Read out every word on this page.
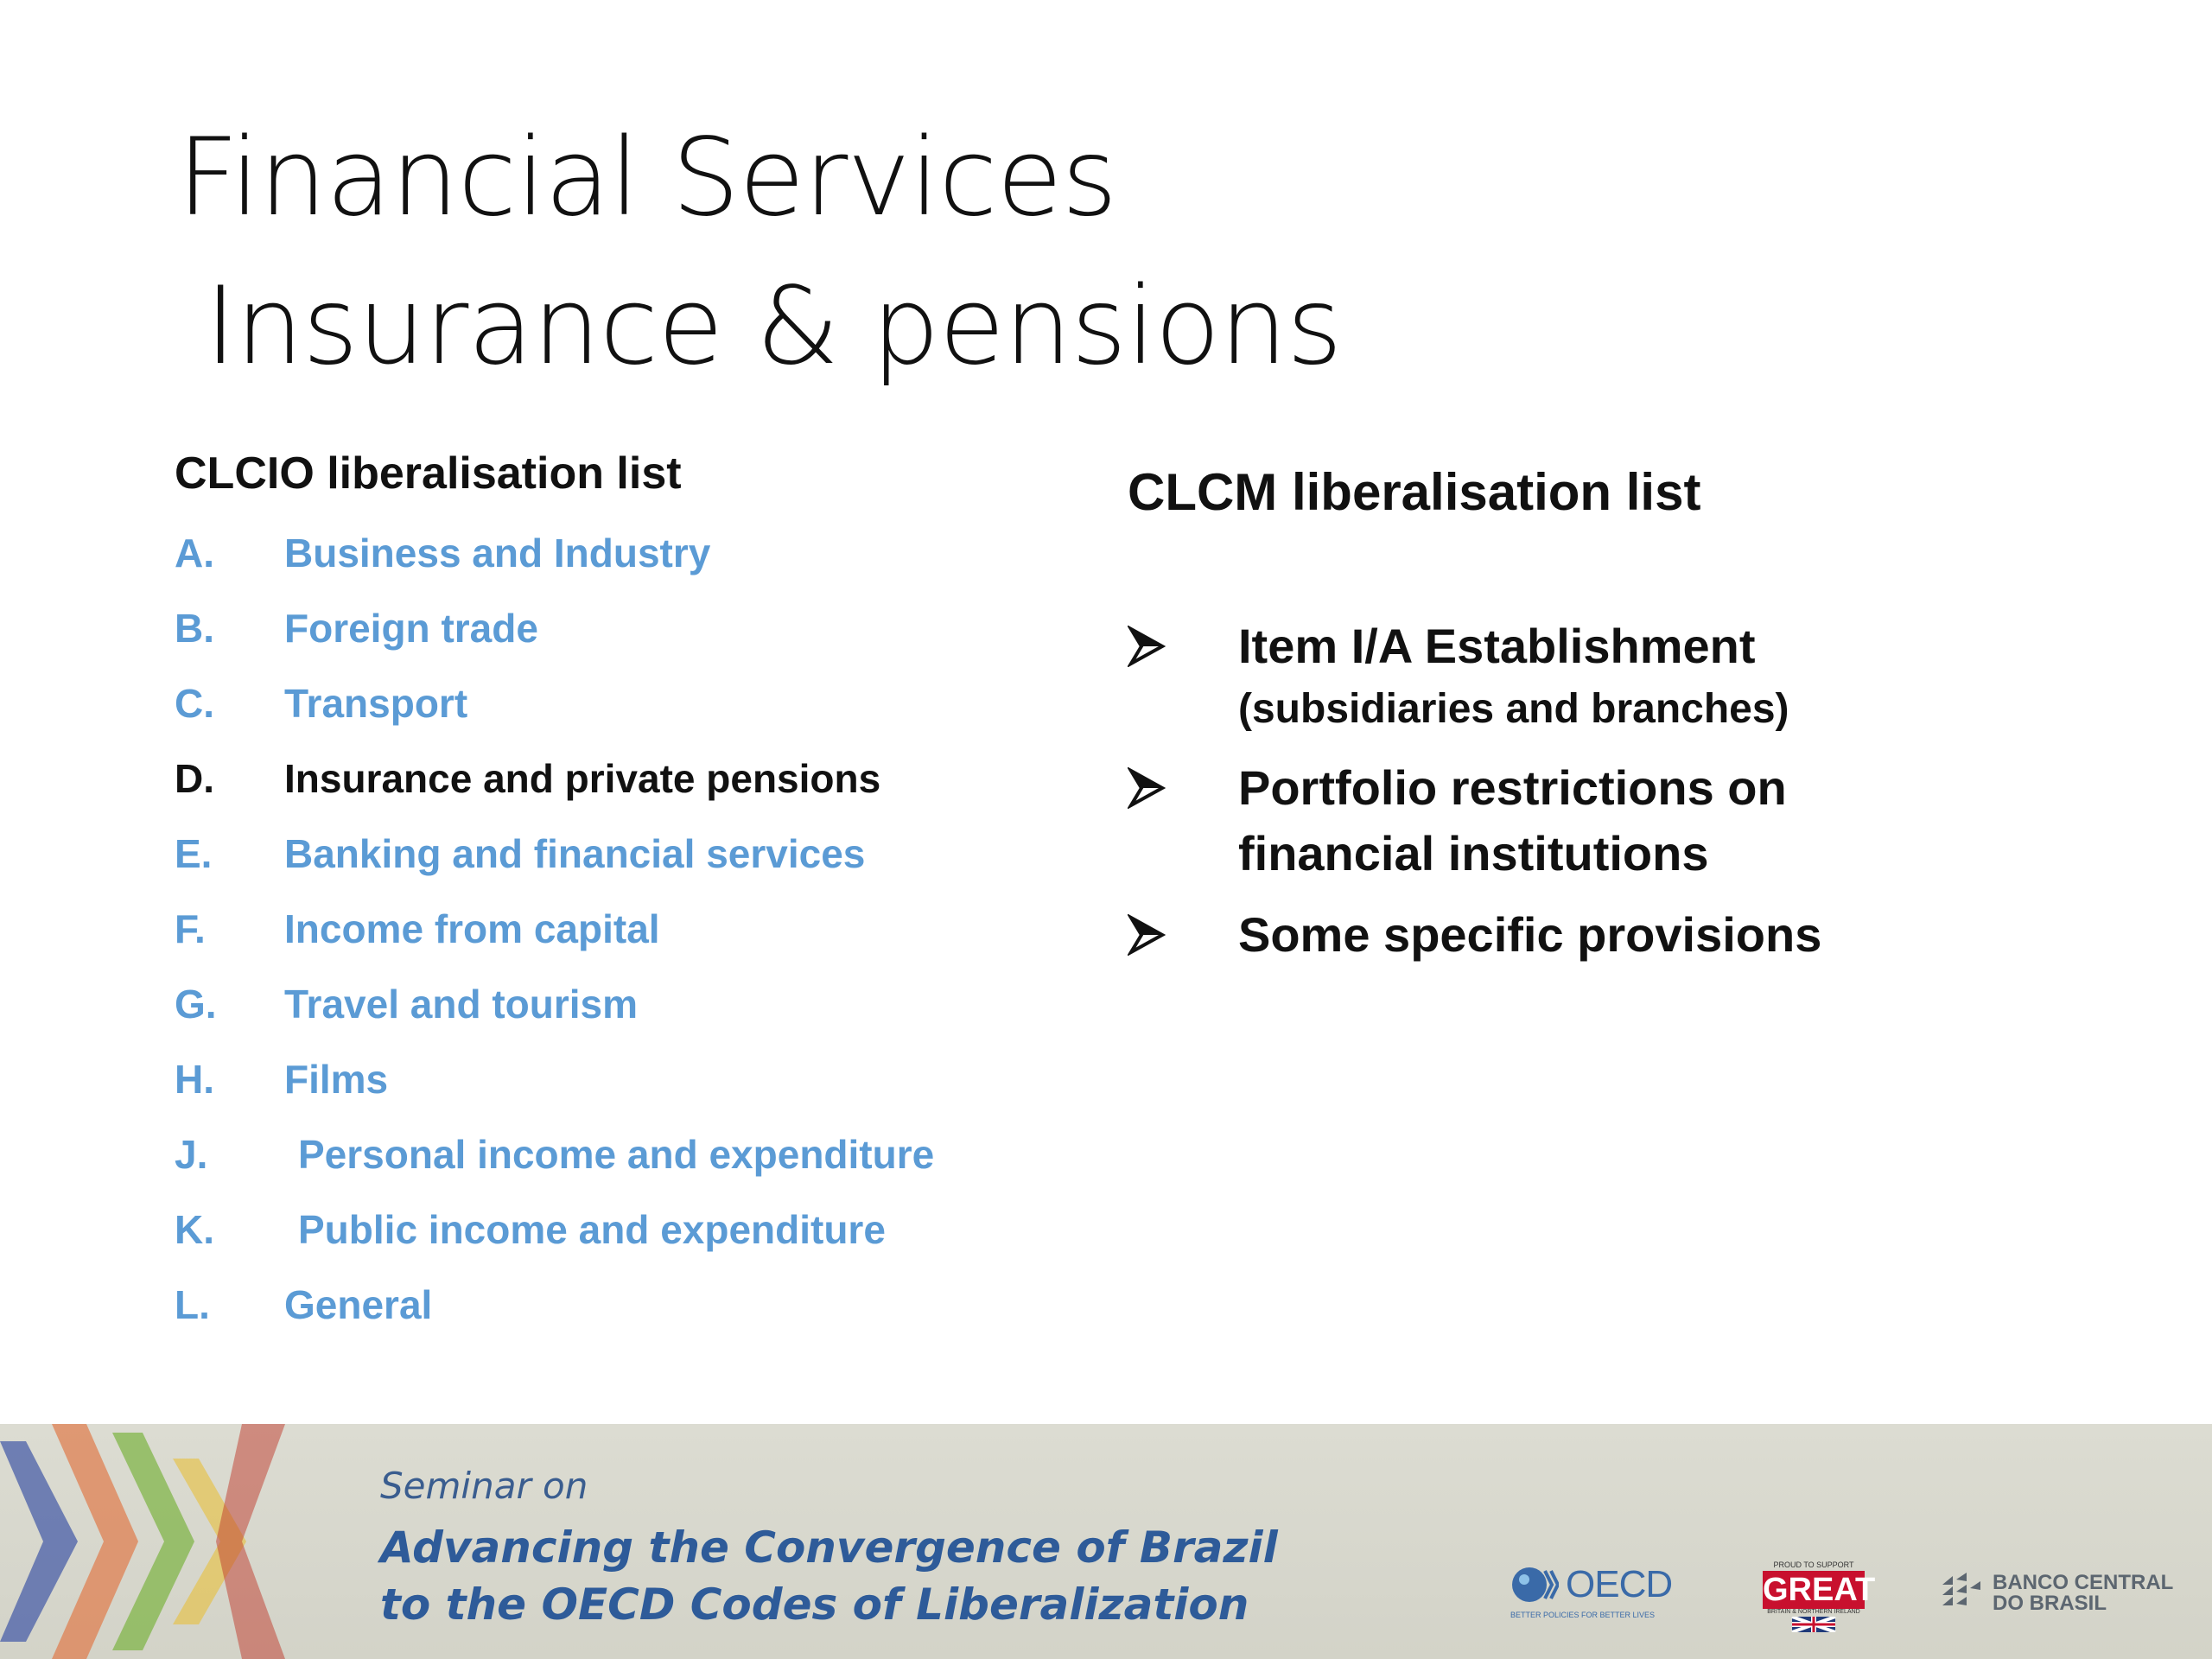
Financial Services
Insurance & pensions
CLCIO liberalisation list
A.	Business and Industry
B.	Foreign trade
C.	Transport
D.	Insurance and private pensions
E.	Banking and financial services
F.	Income from capital
G.	Travel and tourism
H.	Films
J.	Personal income and expenditure
K.	Public income and expenditure
L.	General
CLCM liberalisation list
Item I/A Establishment
(subsidiaries and branches)
Portfolio restrictions on financial institutions
Some specific provisions
Seminar on
Advancing the Convergence of Brazil
to the OECD Codes of Liberalization	OECD
BETTER POLICIES FOR BETTER LIVES
PROUD TO SUPPORT
GREAT
BRITAIN & NORTHERN IRELAND
BANCO CENTRAL
DO BRASIL
